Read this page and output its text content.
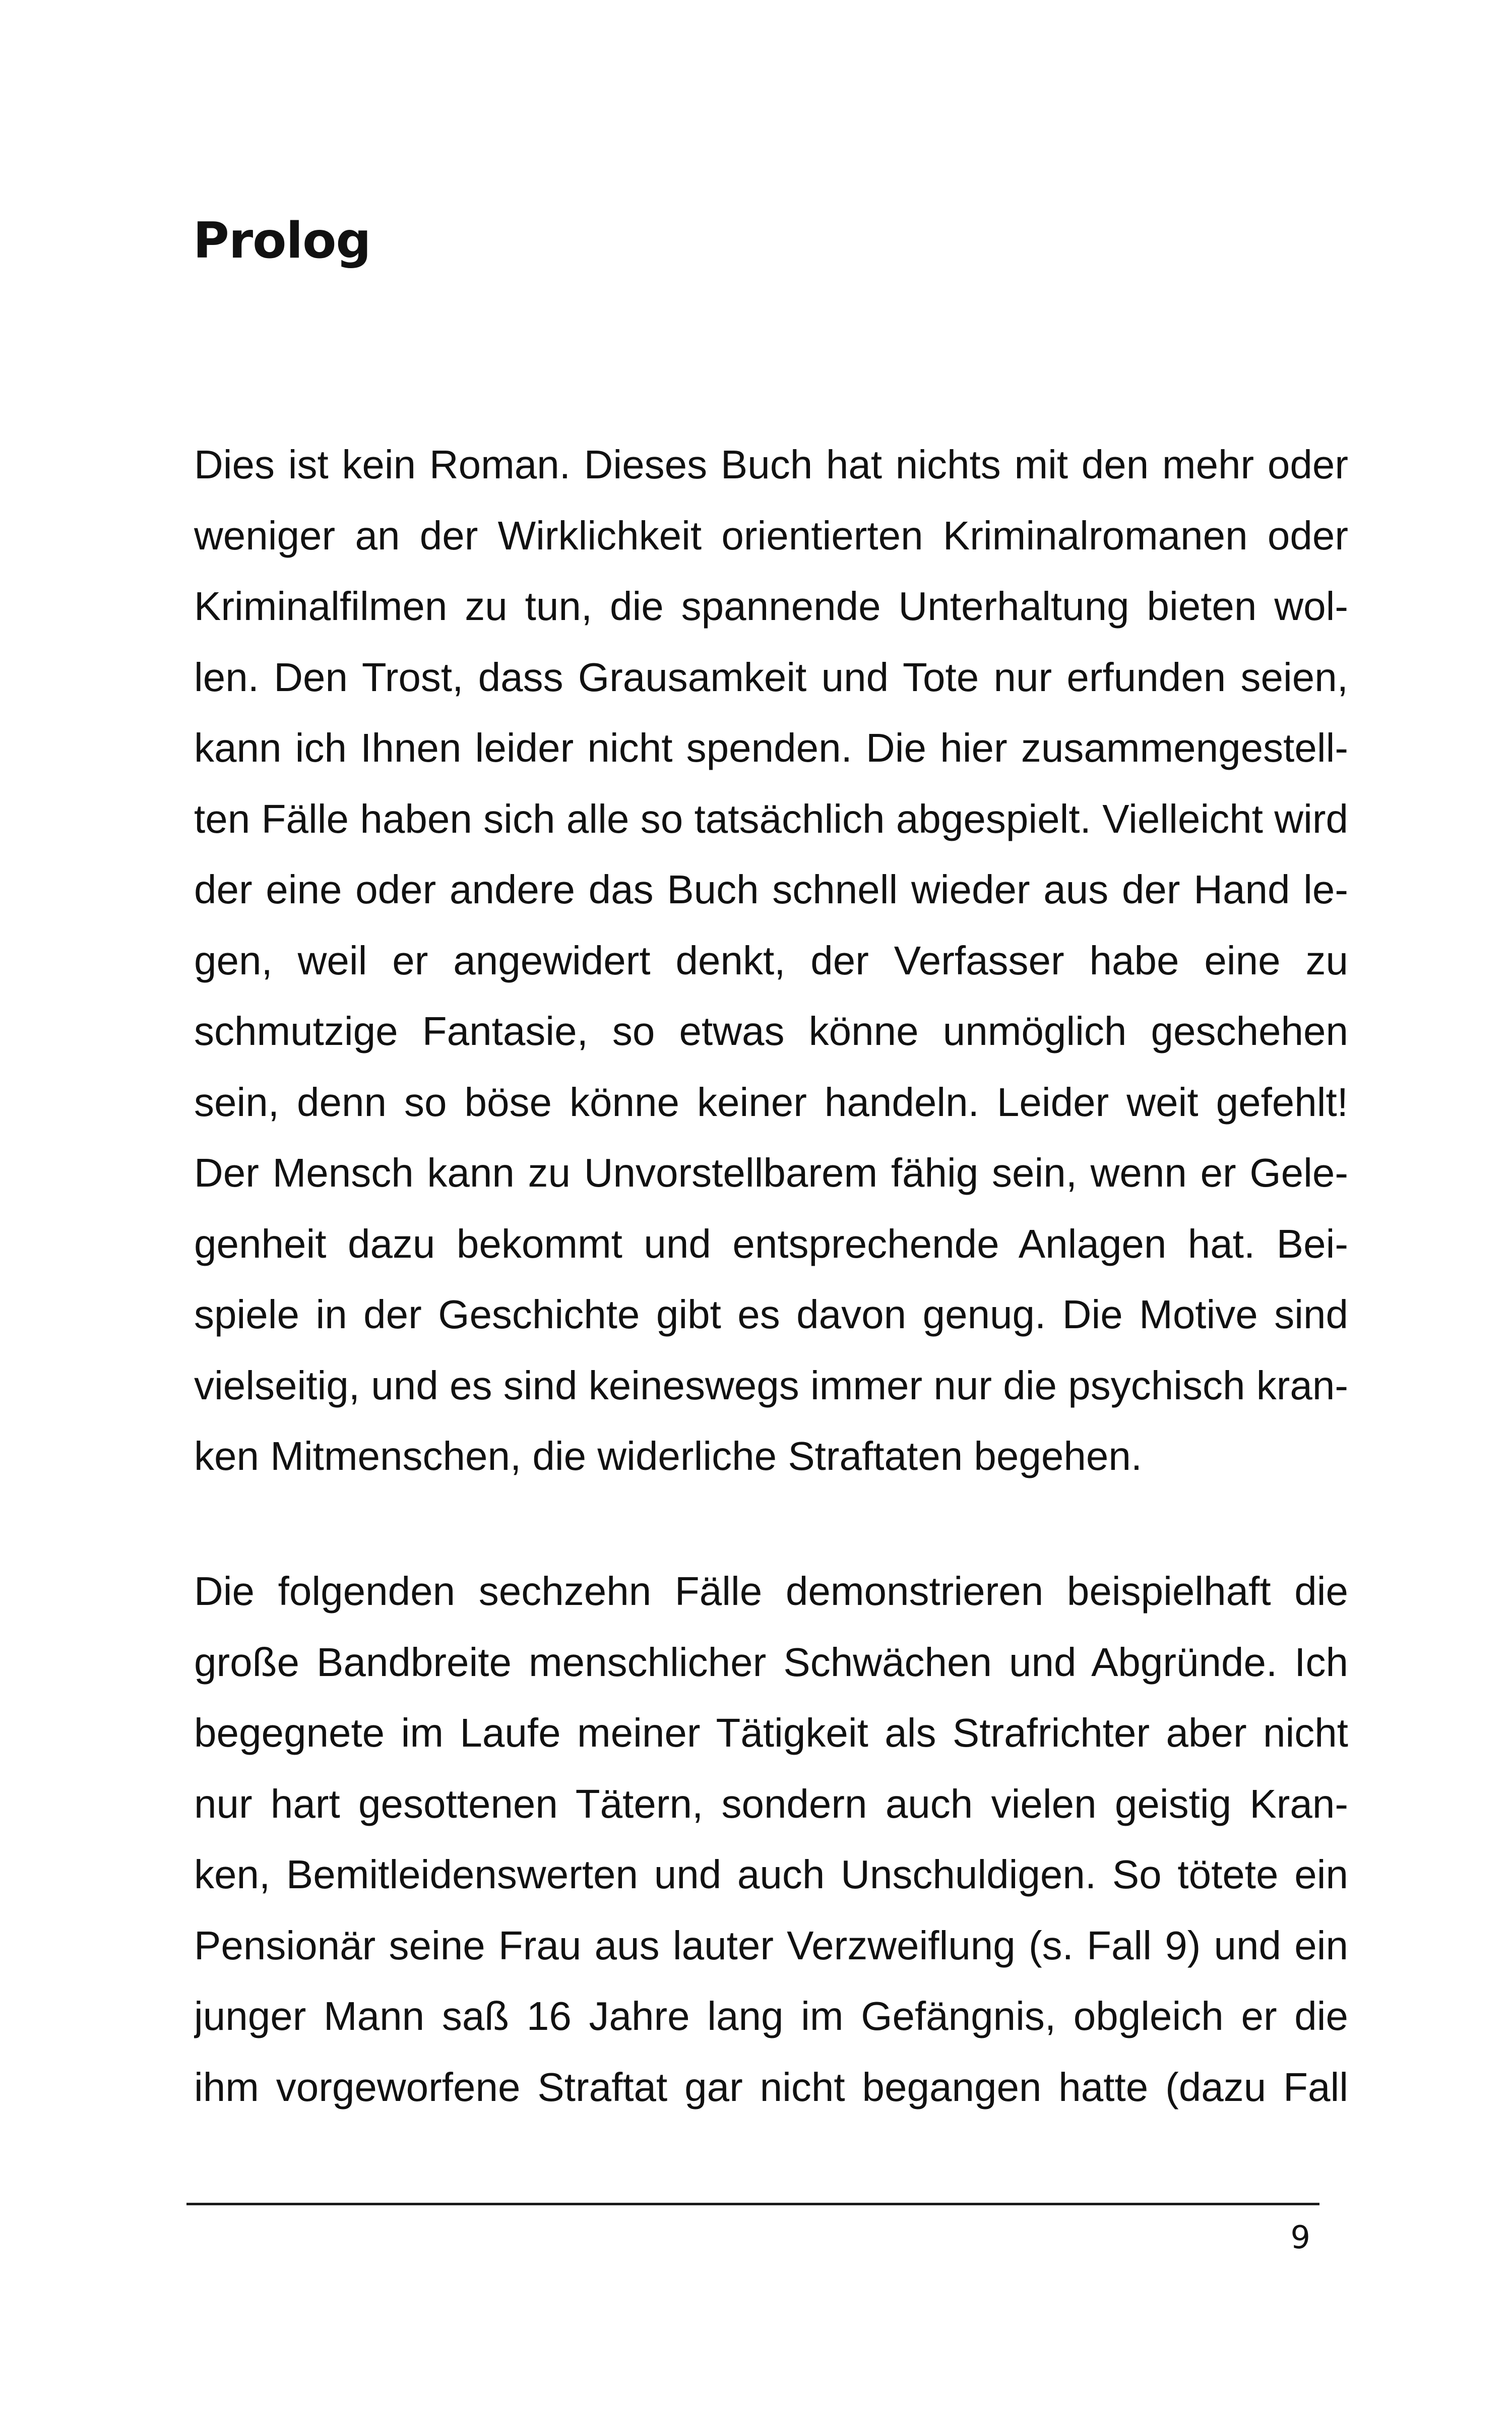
Prolog
Dies ist kein Roman. Dieses Buch hat nichts mit den mehr oder
weniger an der Wirklichkeit orientierten Kriminalromanen oder
Kriminalfilmen zu tun, die spannende Unterhaltung bieten wol-
len. Den Trost, dass Grausamkeit und Tote nur erfunden seien,
kann ich Ihnen leider nicht spenden. Die hier zusammengestell-
ten Fälle haben sich alle so tatsächlich abgespielt. Vielleicht wird
der eine oder andere das Buch schnell wieder aus der Hand le-
gen, weil er angewidert denkt, der Verfasser habe eine zu
schmutzige Fantasie, so etwas könne unmöglich geschehen
sein, denn so böse könne keiner handeln. Leider weit gefehlt!
Der Mensch kann zu Unvorstellbarem fähig sein, wenn er Gele-
genheit dazu bekommt und entsprechende Anlagen hat. Bei-
spiele in der Geschichte gibt es davon genug. Die Motive sind
vielseitig, und es sind keineswegs immer nur die psychisch kran-
ken Mitmenschen, die widerliche Straftaten begehen.
Die folgenden sechzehn Fälle demonstrieren beispielhaft die
große Bandbreite menschlicher Schwächen und Abgründe. Ich
begegnete im Laufe meiner Tätigkeit als Strafrichter aber nicht
nur hart gesottenen Tätern, sondern auch vielen geistig Kran-
ken, Bemitleidenswerten und auch Unschuldigen. So tötete ein
Pensionär seine Frau aus lauter Verzweiflung (s. Fall 9) und ein
junger Mann saß 16 Jahre lang im Gefängnis, obgleich er die
ihm vorgeworfene Straftat gar nicht begangen hatte (dazu Fall
9
